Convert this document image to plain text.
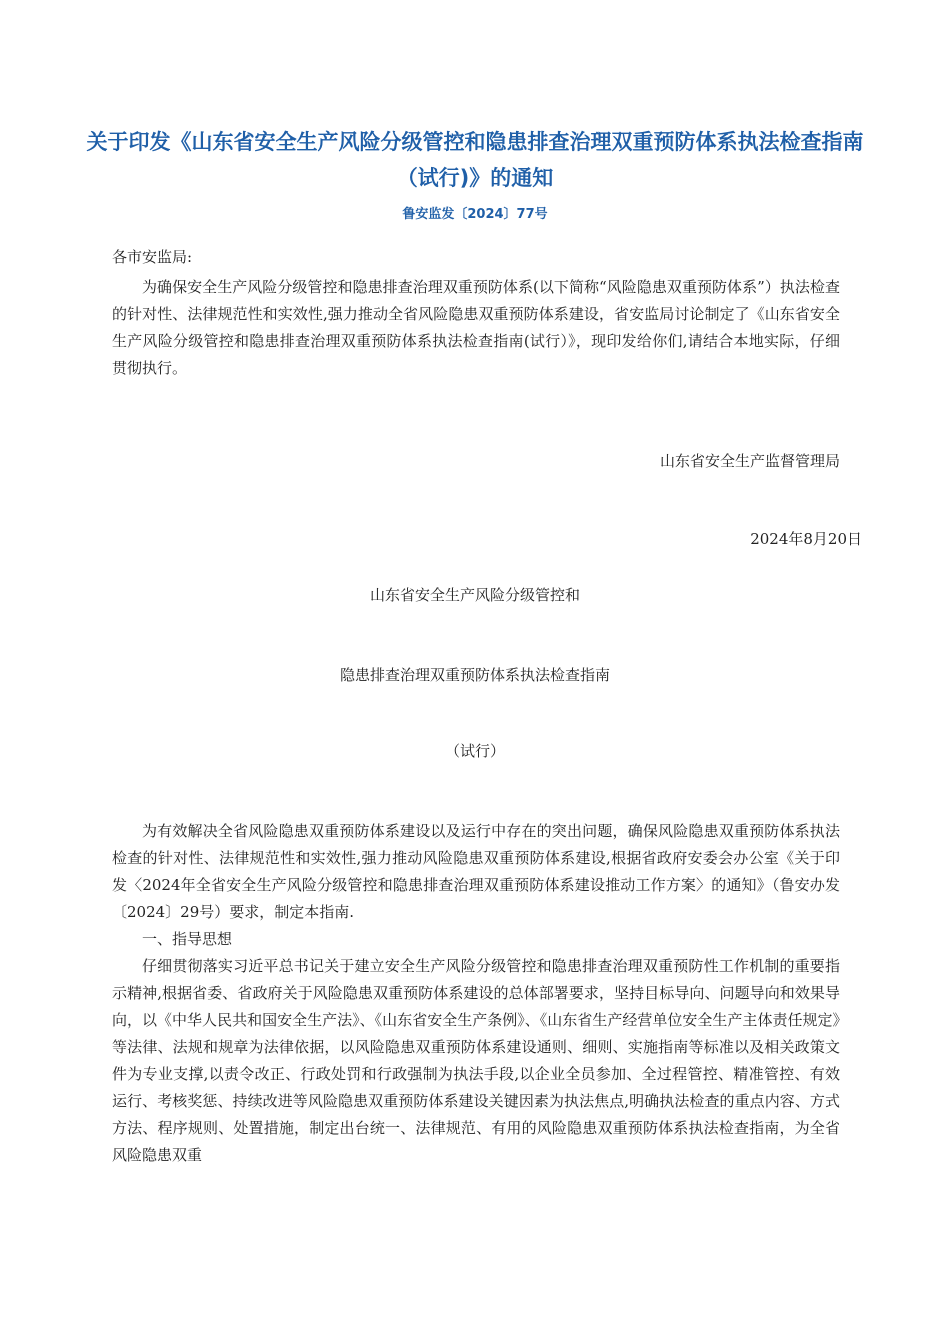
关于印发《山东省安全生产风险分级管控和隐患排查治理双重预防体系执法检查指南（试行)》的通知
鲁安监发〔2024〕77号

各市安监局:

为确保安全生产风险分级管控和隐患排查治理双重预防体系(以下简称“风险隐患双重预防体系”）执法检查的针对性、法律规范性和实效性,强力推动全省风险隐患双重预防体系建设，省安监局讨论制定了《山东省安全生产风险分级管控和隐患排查治理双重预防体系执法检查指南(试行）》，现印发给你们,请结合本地实际，仔细贯彻执行。

山东省安全生产监督管理局
2024年8月20日
山东省安全生产风险分级管控和
隐患排查治理双重预防体系执法检查指南
（试行）

为有效解决全省风险隐患双重预防体系建设以及运行中存在的突出问题，确保风险隐患双重预防体系执法检查的针对性、法律规范性和实效性,强力推动风险隐患双重预防体系建设,根据省政府安委会办公室《关于印发〈2024年全省安全生产风险分级管控和隐患排查治理双重预防体系建设推动工作方案〉的通知》（鲁安办发〔2024〕29号）要求，制定本指南.

一、指导思想

仔细贯彻落实习近平总书记关于建立安全生产风险分级管控和隐患排查治理双重预防性工作机制的重要指示精神,根据省委、省政府关于风险隐患双重预防体系建设的总体部署要求，坚持目标导向、问题导向和效果导向，以《中华人民共和国安全生产法》、《山东省安全生产条例》、《山东省生产经营单位安全生产主体责任规定》等法律、法规和规章为法律依据，以风险隐患双重预防体系建设通则、细则、实施指南等标准以及相关政策文件为专业支撑,以责令改正、行政处罚和行政强制为执法手段,以企业全员参加、全过程管控、精准管控、有效运行、考核奖惩、持续改进等风险隐患双重预防体系建设关键因素为执法焦点,明确执法检查的重点内容、方式方法、程序规则、处置措施，制定出台统一、法律规范、有用的风险隐患双重预防体系执法检查指南，为全省风险隐患双重
